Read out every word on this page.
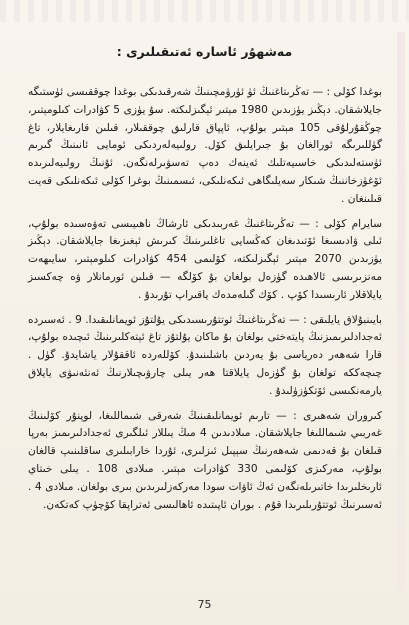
مەشھۇر ئاسارە ئەتىقىلىرى :

بوغدا كۆلى : — تەڭرىتاغنىڭ ئۈ ئۈرۈمچىنىڭ شەرقىدىكى بوغدا چوققىسى ئۈستىگە جايلاشقان. دېڭىز يۈزىدىن 1980 مېتىر ئېگىزلىكتە. سۇ يۈزى 5 كۋادرات كىلومېتىر، چوڭقۇرلۇقى 105 مېتىر بولۇپ، ئاپپاق قارلىق چوققىلار، قىلىن قارىغايلار، تاغ گۈللىرىگە ئورالغان بۇ جىرايلىق كۆل. رولىيەلەردىكى ئومايى ئانىنىڭ گىرىم ئۈستەلىدىكى خاسىيەتلىك ئەينەك دەپ تەسۋىرلەنگەن. ئۇنىڭ رولىيەلىرىدە ئۆغۈزخاننىڭ شىكار سەيلىگاھى ئىكەنلىكى، ئىسمىنىڭ بوغرا كۆلى ئىكەنلىكى قەيت قىلىنغان .

سايرام كۆلى : — تەڭرىتاغنىڭ غەربىدىكى ئارشاڭ ناھىيىسى تەۋەسىدە بولۇپ، ئىلى ۋادىسىغا ئۆتىدىغان كەڭسايى تاغلىرىنىڭ كىرىش ئېغىزىغا جايلاشقان. دېڭىز يۈزىدىن 2070 مېتىر ئېگىزلىكتە، كۆلىمى 454 كۋادرات كىلومېتىر، سايىھەت مەنزىرىسى ئالاھىدە گۈزەل بولغان بۇ كۆلگە — قىلىن ئورمانلار ۋە چەكسىز يايلاقلار ئارىسىدا كۆپ . كۆك گىلەمدەك ياقىراپ تۇرىدۇ .

بايىنبۇلاق يايلىقى : — تەڭرىتاغنىڭ ئوتتۇرىسىدىكى يۇلتۇز ئويمانلىقىدا. 9 . ئەسىردە ئەجدادلىرىمىزنىڭ پايتەختى بولغان بۇ ماكان يۇلتۇز تاغ ئېتەكلىرىنىڭ ئىچىدە بولۇپ، قارا شەھەر دەرياسى بۇ يەردىن باشلىنىدۇ. كۆللەردە ئاققۇلار ياشايدۇ. گۈل . چىچەككە تولغان بۇ گۈزەل يايلاقتا ھەر يىلى چارۋىچىلارنىڭ ئەنئەنىۋى يايلاق يارمەنكىسى ئۆتكۈزۈلىدۇ .

كىروران شەھىرى : — تارىم ئويمانلىقىنىڭ شەرقى شىماللىغا، لوپنۇر كۆلىنىڭ غەربىي شىماللىغا جايلاشقان. مىلادىدىن 4 مىڭ يىللار ئىلگىرى ئەجدادلىرىمىز بەرپا قىلغان بۇ قەدىمى شەھەرنىڭ سېپىل ئىزلىرى، ئۇردا خارابىلىرى ساقلىنىپ قالغان بولۇپ، مەركىزى كۆلىمى 330 كۋادرات مېتىر. مىلادى 108 . يىلى خىتاي ئارىخلىرىدا خاتىرىلەنگەن ئەڭ ئاۋات سودا مەركەزلىرىدىن بىرى بولغان. مىلادى 4 . ئەسىرنىڭ ئوتتۇرىلىرىدا قۇم . بوران ئاپىتىدە ئاھالىسى ئەتراپقا كۆچۈپ كەتكەن.

75
